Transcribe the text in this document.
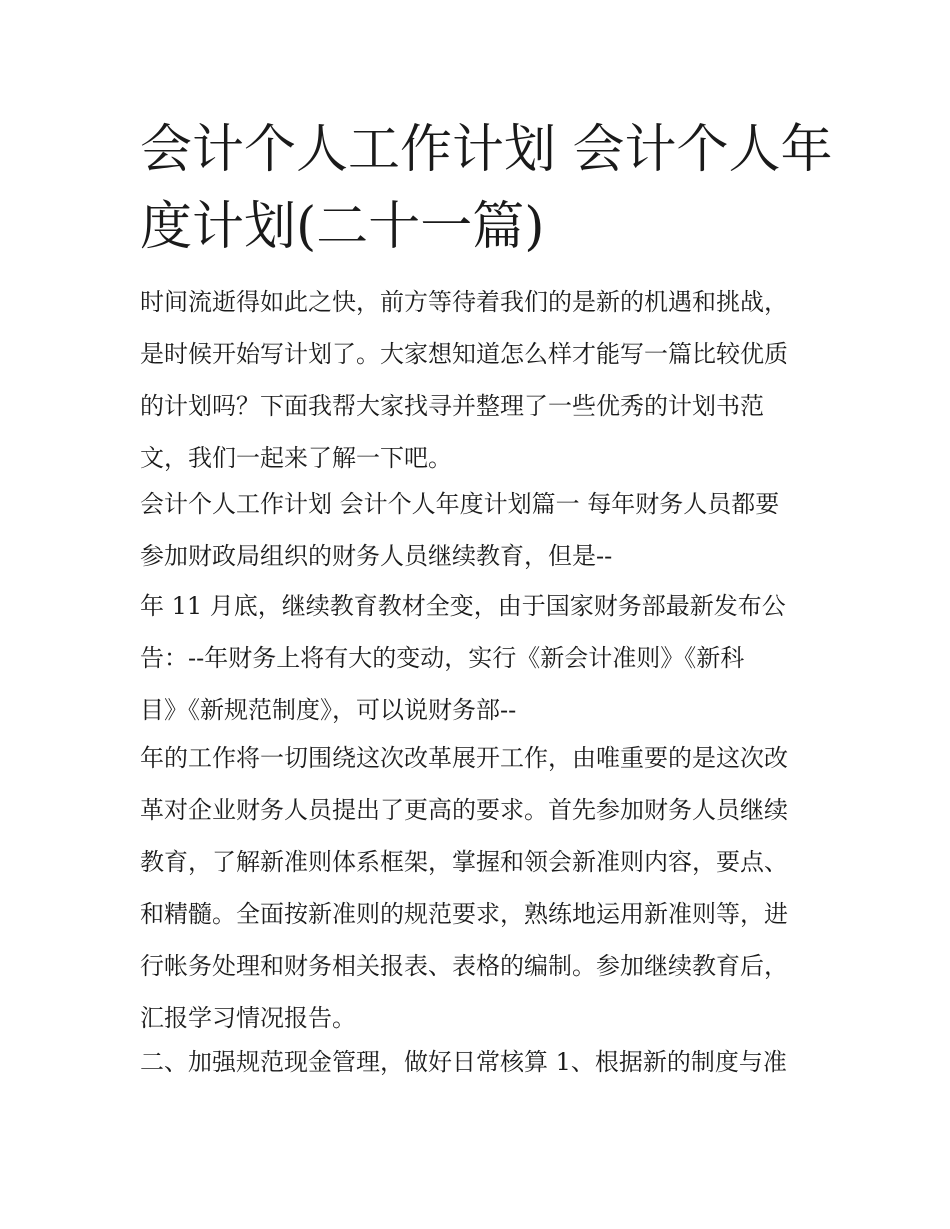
会计个人工作计划 会计个人年
度计划(二十一篇)
时间流逝得如此之快，前方等待着我们的是新的机遇和挑战，
是时候开始写计划了。大家想知道怎么样才能写一篇比较优质
的计划吗？下面我帮大家找寻并整理了一些优秀的计划书范
文，我们一起来了解一下吧。
会计个人工作计划 会计个人年度计划篇一 每年财务人员都要
参加财政局组织的财务人员继续教育，但是--
年 11 月底，继续教育教材全变，由于国家财务部最新发布公
告：--年财务上将有大的变动，实行《新会计准则》《新科
目》《新规范制度》，可以说财务部--
年的工作将一切围绕这次改革展开工作，由唯重要的是这次改
革对企业财务人员提出了更高的要求。首先参加财务人员继续
教育，了解新准则体系框架，掌握和领会新准则内容，要点、
和精髓。全面按新准则的规范要求，熟练地运用新准则等，进
行帐务处理和财务相关报表、表格的编制。参加继续教育后，
汇报学习情况报告。
二、加强规范现金管理，做好日常核算 1、根据新的制度与准
